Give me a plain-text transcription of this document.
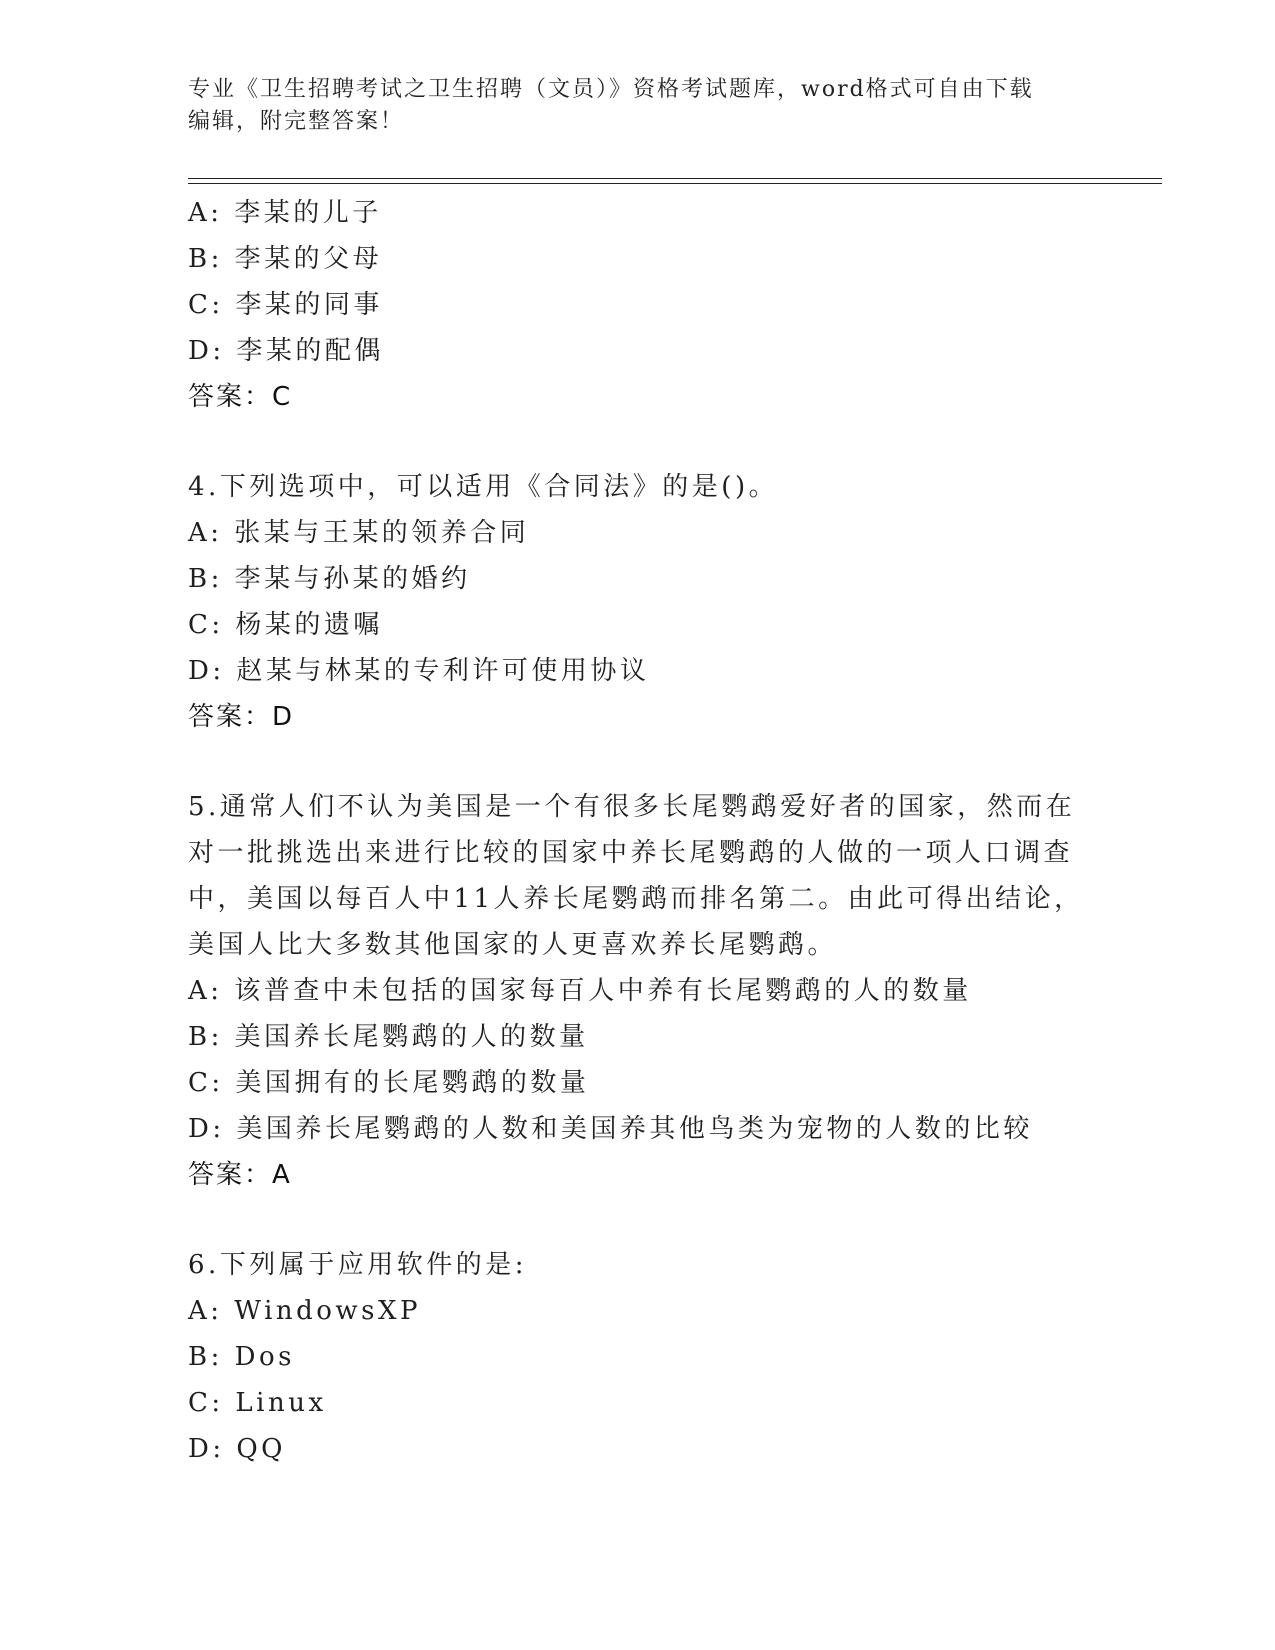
专业《卫生招聘考试之卫生招聘（文员）》资格考试题库，word格式可自由下载
编辑，附完整答案！
A: 李某的儿子
B: 李某的父母
C: 李某的同事
D: 李某的配偶
答案：C
4.下列选项中，可以适用《合同法》的是()。
A: 张某与王某的领养合同
B: 李某与孙某的婚约
C: 杨某的遗嘱
D: 赵某与林某的专利许可使用协议
答案：D
5.通常人们不认为美国是一个有很多长尾鹦鹉爱好者的国家，然而在
对一批挑选出来进行比较的国家中养长尾鹦鹉的人做的一项人口调查
中，美国以每百人中11人养长尾鹦鹉而排名第二。由此可得出结论，
美国人比大多数其他国家的人更喜欢养长尾鹦鹉。
A: 该普查中未包括的国家每百人中养有长尾鹦鹉的人的数量
B: 美国养长尾鹦鹉的人的数量
C: 美国拥有的长尾鹦鹉的数量
D: 美国养长尾鹦鹉的人数和美国养其他鸟类为宠物的人数的比较
答案：A
6.下列属于应用软件的是:
A: WindowsXP
B: Dos
C: Linux
D: QQ
